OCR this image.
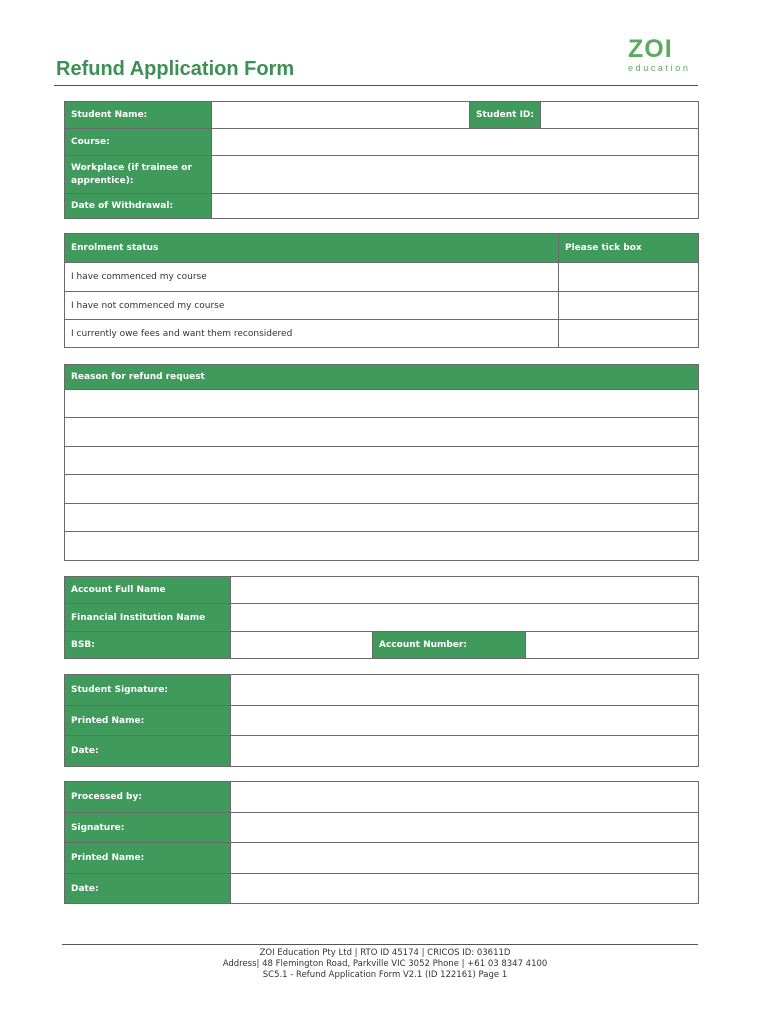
Refund Application Form
ZOI
education
Student Name:		Student ID:	
Course:			
Workplace (if trainee or apprentice):			
Date of Withdrawal:			
Enrolment status	Please tick box
I have commenced my course	
I have not commenced my course	
I currently owe fees and want them reconsidered	
Reason for refund request

Account Full Name			
Financial Institution Name			
BSB:		Account Number:	
Student Signature:	
Printed Name:	
Date:	
Processed by:	
Signature:	
Printed Name:	
Date:	
ZOI Education Pty Ltd | RTO ID 45174 | CRICOS ID: 03611D
Address| 48 Flemington Road, Parkville VIC 3052 Phone | +61 03 8347 4100
SC5.1 - Refund Application Form V2.1 (ID 122161) Page 1
